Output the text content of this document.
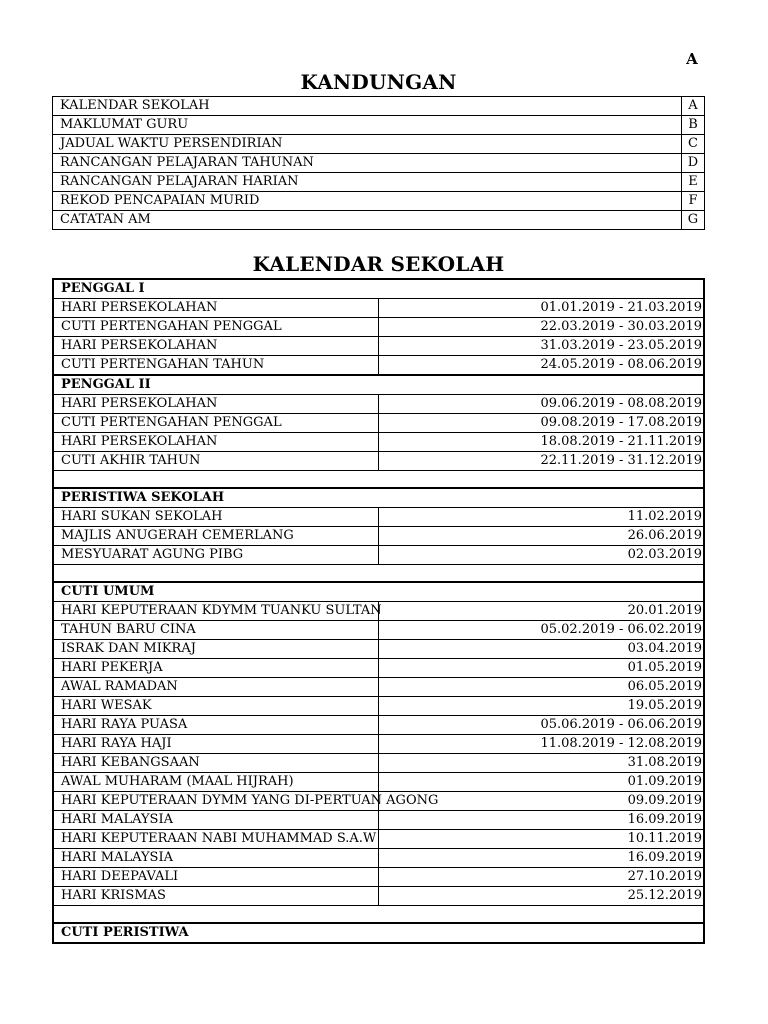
A
KANDUNGAN
KALENDAR SEKOLAH	A
MAKLUMAT GURU	B
JADUAL WAKTU PERSENDIRIAN	C
RANCANGAN PELAJARAN TAHUNAN	D
RANCANGAN PELAJARAN HARIAN	E
REKOD PENCAPAIAN MURID	F
CATATAN AM	G
KALENDAR SEKOLAH
PENGGAL I	
HARI PERSEKOLAHAN	01.01.2019 - 21.03.2019
CUTI PERTENGAHAN PENGGAL	22.03.2019 - 30.03.2019
HARI PERSEKOLAHAN	31.03.2019 - 23.05.2019
CUTI PERTENGAHAN TAHUN	24.05.2019 - 08.06.2019
PENGGAL II	
HARI PERSEKOLAHAN	09.06.2019 - 08.08.2019
CUTI PERTENGAHAN PENGGAL	09.08.2019 - 17.08.2019
HARI PERSEKOLAHAN	18.08.2019 - 21.11.2019
CUTI AKHIR TAHUN	22.11.2019 - 31.12.2019

PERISTIWA SEKOLAH	
HARI SUKAN SEKOLAH	11.02.2019
MAJLIS ANUGERAH CEMERLANG	26.06.2019
MESYUARAT AGUNG PIBG	02.03.2019

CUTI UMUM	
HARI KEPUTERAAN KDYMM TUANKU SULTAN	20.01.2019
TAHUN BARU CINA	05.02.2019 - 06.02.2019
ISRAK DAN MIKRAJ	03.04.2019
HARI PEKERJA	01.05.2019
AWAL RAMADAN	06.05.2019
HARI WESAK	19.05.2019
HARI RAYA PUASA	05.06.2019 - 06.06.2019
HARI RAYA HAJI	11.08.2019 - 12.08.2019
HARI KEBANGSAAN	31.08.2019
AWAL MUHARAM (MAAL HIJRAH)	01.09.2019
HARI KEPUTERAAN DYMM YANG DI-PERTUAN AGONG	09.09.2019
HARI MALAYSIA	16.09.2019
HARI KEPUTERAAN NABI MUHAMMAD S.A.W	10.11.2019
HARI MALAYSIA	16.09.2019
HARI DEEPAVALI	27.10.2019
HARI KRISMAS	25.12.2019

CUTI PERISTIWA	
